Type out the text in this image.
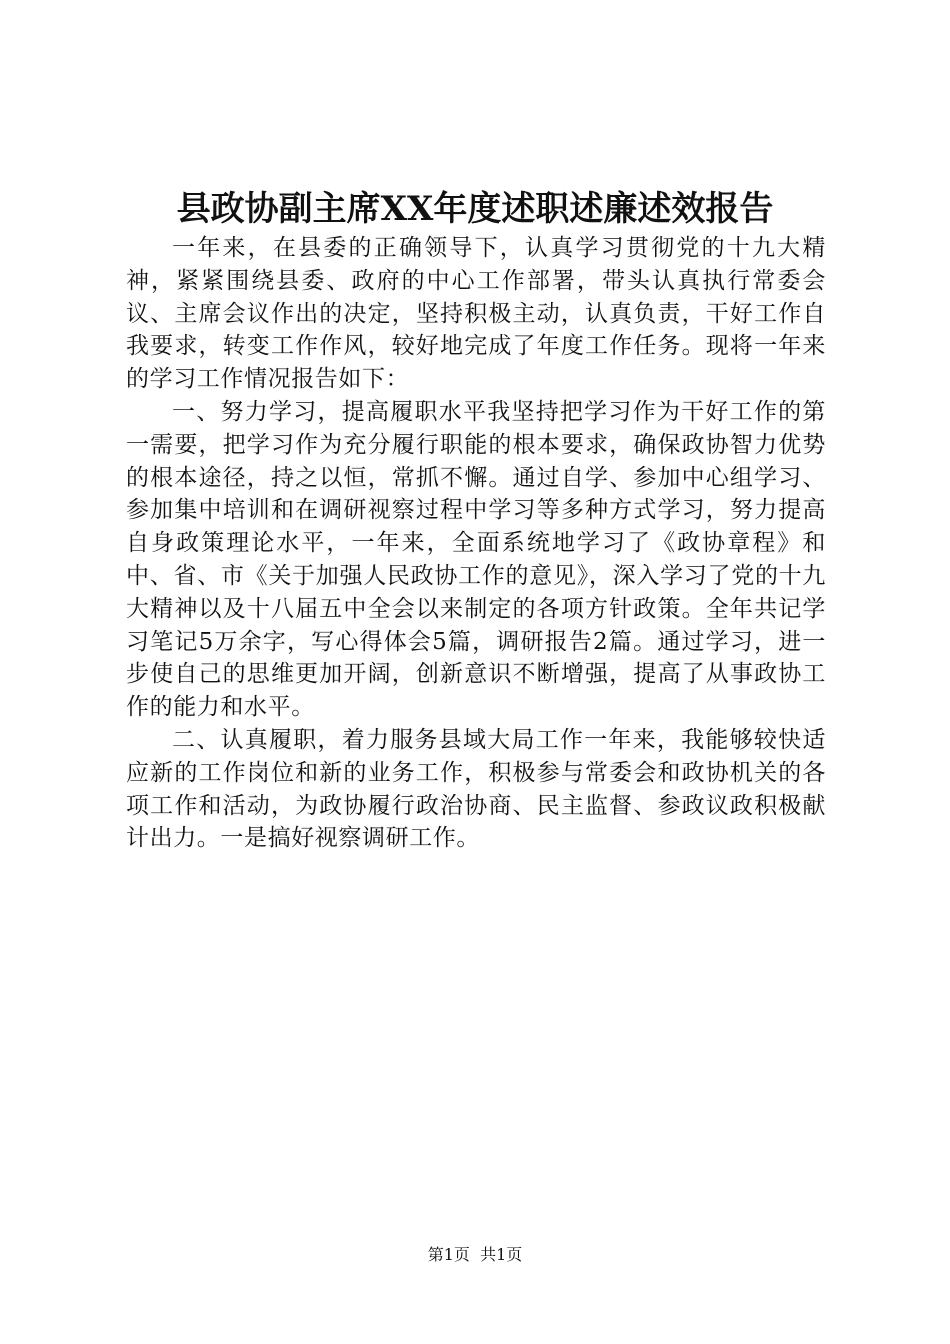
县政协副主席XX年度述职述廉述效报告

一年来，在县委的正确领导下，认真学习贯彻党的十九大精神，紧紧围绕县委、政府的中心工作部署，带头认真执行常委会议、主席会议作出的决定，坚持积极主动，认真负责，干好工作自我要求，转变工作作风，较好地完成了年度工作任务。现将一年来的学习工作情况报告如下：

一、努力学习，提高履职水平我坚持把学习作为干好工作的第一需要，把学习作为充分履行职能的根本要求，确保政协智力优势的根本途径，持之以恒，常抓不懈。通过自学、参加中心组学习、参加集中培训和在调研视察过程中学习等多种方式学习，努力提高自身政策理论水平，一年来，全面系统地学习了《政协章程》和中、省、市《关于加强人民政协工作的意见》，深入学习了党的十九大精神以及十八届五中全会以来制定的各项方针政策。全年共记学习笔记5万余字，写心得体会5篇，调研报告2篇。通过学习，进一步使自己的思维更加开阔，创新意识不断增强，提高了从事政协工作的能力和水平。

二、认真履职，着力服务县域大局工作一年来，我能够较快适应新的工作岗位和新的业务工作，积极参与常委会和政协机关的各项工作和活动，为政协履行政治协商、民主监督、参政议政积极献计出力。一是搞好视察调研工作。

第1页 共1页
